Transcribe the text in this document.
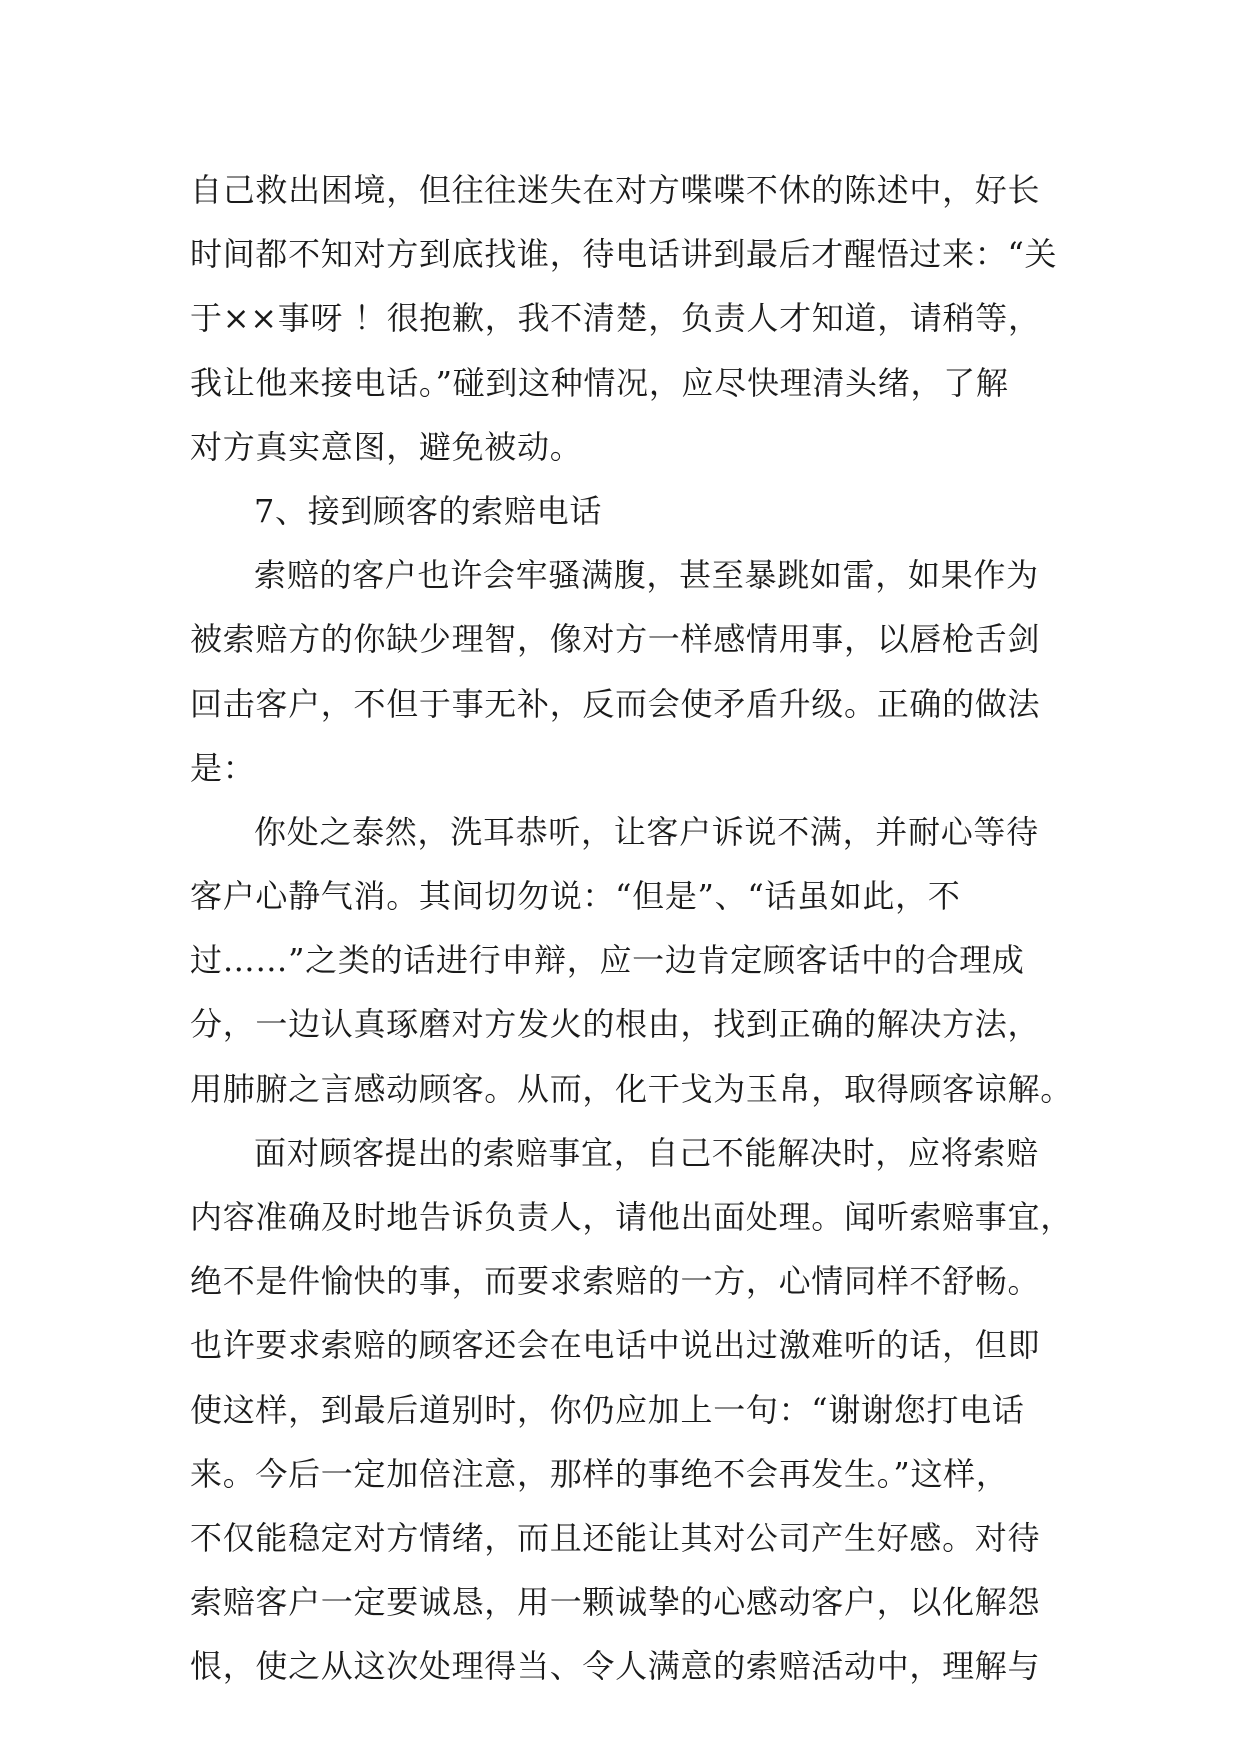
自己救出困境，但往往迷失在对方喋喋不休的陈述中，好长
时间都不知对方到底找谁，待电话讲到最后才醒悟过来：“关
于××事呀 ！很抱歉，我不清楚，负责人才知道，请稍等，
我让他来接电话。”碰到这种情况，应尽快理清头绪，了解
对方真实意图，避免被动。
7、接到顾客的索赔电话
索赔的客户也许会牢骚满腹，甚至暴跳如雷，如果作为
被索赔方的你缺少理智，像对方一样感情用事，以唇枪舌剑
回击客户，不但于事无补，反而会使矛盾升级。正确的做法
是：
你处之泰然，洗耳恭听，让客户诉说不满，并耐心等待
客户心静气消。其间切勿说：“但是”、“话虽如此，不
过……”之类的话进行申辩，应一边肯定顾客话中的合理成
分，一边认真琢磨对方发火的根由，找到正确的解决方法，
用肺腑之言感动顾客。从而，化干戈为玉帛，取得顾客谅解。
面对顾客提出的索赔事宜，自己不能解决时，应将索赔
内容准确及时地告诉负责人，请他出面处理。闻听索赔事宜，
绝不是件愉快的事，而要求索赔的一方，心情同样不舒畅。
也许要求索赔的顾客还会在电话中说出过激难听的话，但即
使这样，到最后道别时，你仍应加上一句：“谢谢您打电话
来。今后一定加倍注意，那样的事绝不会再发生。”这样，
不仅能稳定对方情绪，而且还能让其对公司产生好感。对待
索赔客户一定要诚恳，用一颗诚挚的心感动客户，以化解怨
恨，使之从这次处理得当、令人满意的索赔活动中，理解与
